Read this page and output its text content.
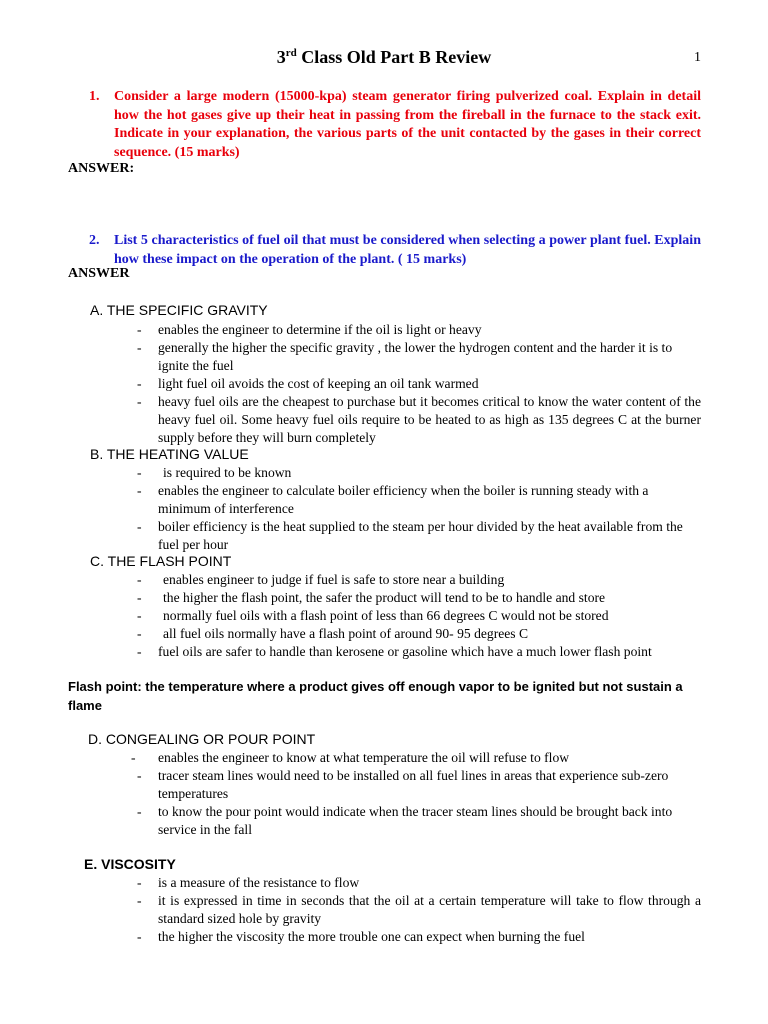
3rd Class Old Part B Review	1
1. Consider a large modern (15000-kpa) steam generator firing pulverized coal. Explain in detail how the hot gases give up their heat in passing from the fireball in the furnace to the stack exit. Indicate in your explanation, the various parts of the unit contacted by the gases in their correct sequence. (15 marks)
ANSWER:
2. List 5 characteristics of fuel oil that must be considered when selecting a power plant fuel. Explain how these impact on the operation of the plant. ( 15 marks)
ANSWER
A. THE SPECIFIC GRAVITY
- enables the engineer to determine if the oil is light or heavy
- generally the higher the specific gravity , the lower the hydrogen content and the harder it is to ignite the fuel
- light fuel oil avoids the cost of keeping an oil tank warmed
- heavy fuel oils are the cheapest to purchase but it becomes critical to know the water content of the heavy fuel oil. Some heavy fuel oils require to be heated to as high as 135 degrees C at the burner supply before they will burn completely
B. THE HEATING VALUE
- is required to be known
- enables the engineer to calculate boiler efficiency when the boiler is running steady with a minimum of interference
- boiler efficiency is the heat supplied to the steam per hour divided by the heat available from the fuel per hour
C. THE FLASH POINT
- enables engineer to judge if fuel is safe to store near a building
- the higher the flash point, the safer the product will tend to be to handle and store
- normally fuel oils with a flash point of less than 66 degrees C would not be stored
- all fuel oils normally have a flash point of around 90- 95 degrees C
- fuel oils are safer to handle than kerosene or gasoline which have a much lower flash point
Flash point: the temperature where a product gives off enough vapor to be ignited but not sustain a flame
D. CONGEALING OR POUR POINT
- enables the engineer to know at what temperature the oil will refuse to flow
- tracer steam lines would need to be installed on all fuel lines in areas that experience sub-zero temperatures
- to know the pour point would indicate when the tracer steam lines should be brought back into service in the fall
E. VISCOSITY
- is a measure of the resistance to flow
- it is expressed in time in seconds that the oil at a certain temperature will take to flow through a standard sized hole by gravity
- the higher the viscosity the more trouble one can expect when burning the fuel
